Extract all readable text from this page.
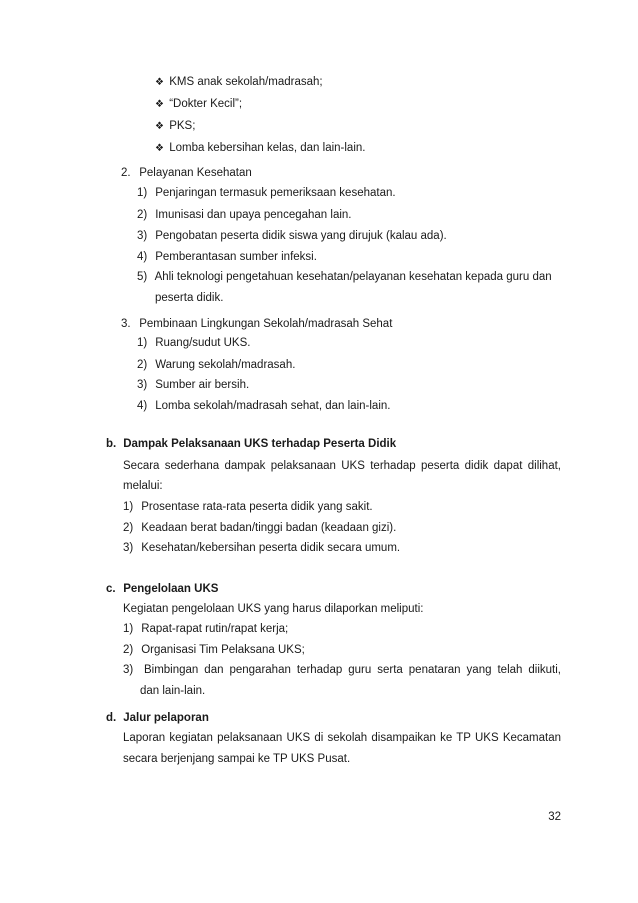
❖ KMS anak sekolah/madrasah;
❖ “Dokter Kecil”;
❖ PKS;
❖ Lomba kebersihan kelas, dan lain-lain.
2. Pelayanan Kesehatan
1) Penjaringan termasuk pemeriksaan kesehatan.
2) Imunisasi dan upaya pencegahan lain.
3) Pengobatan peserta didik siswa yang dirujuk (kalau ada).
4) Pemberantasan sumber infeksi.
5) Ahli teknologi pengetahuan kesehatan/pelayanan kesehatan kepada guru dan
peserta didik.
3. Pembinaan Lingkungan Sekolah/madrasah Sehat
1) Ruang/sudut UKS.
2) Warung sekolah/madrasah.
3) Sumber air bersih.
4) Lomba sekolah/madrasah sehat, dan lain-lain.
b. Dampak Pelaksanaan UKS terhadap Peserta Didik
Secara sederhana dampak pelaksanaan UKS terhadap peserta didik dapat dilihat,
melalui:
1) Prosentase rata-rata peserta didik yang sakit.
2) Keadaan berat badan/tinggi badan (keadaan gizi).
3) Kesehatan/kebersihan peserta didik secara umum.
c. Pengelolaan UKS
Kegiatan pengelolaan UKS yang harus dilaporkan meliputi:
1) Rapat-rapat rutin/rapat kerja;
2) Organisasi Tim Pelaksana UKS;
3) Bimbingan dan pengarahan terhadap guru serta penataran yang telah diikuti,
dan lain-lain.
d. Jalur pelaporan
Laporan kegiatan pelaksanaan UKS di sekolah disampaikan ke TP UKS Kecamatan
secara berjenjang sampai ke TP UKS Pusat.
32
